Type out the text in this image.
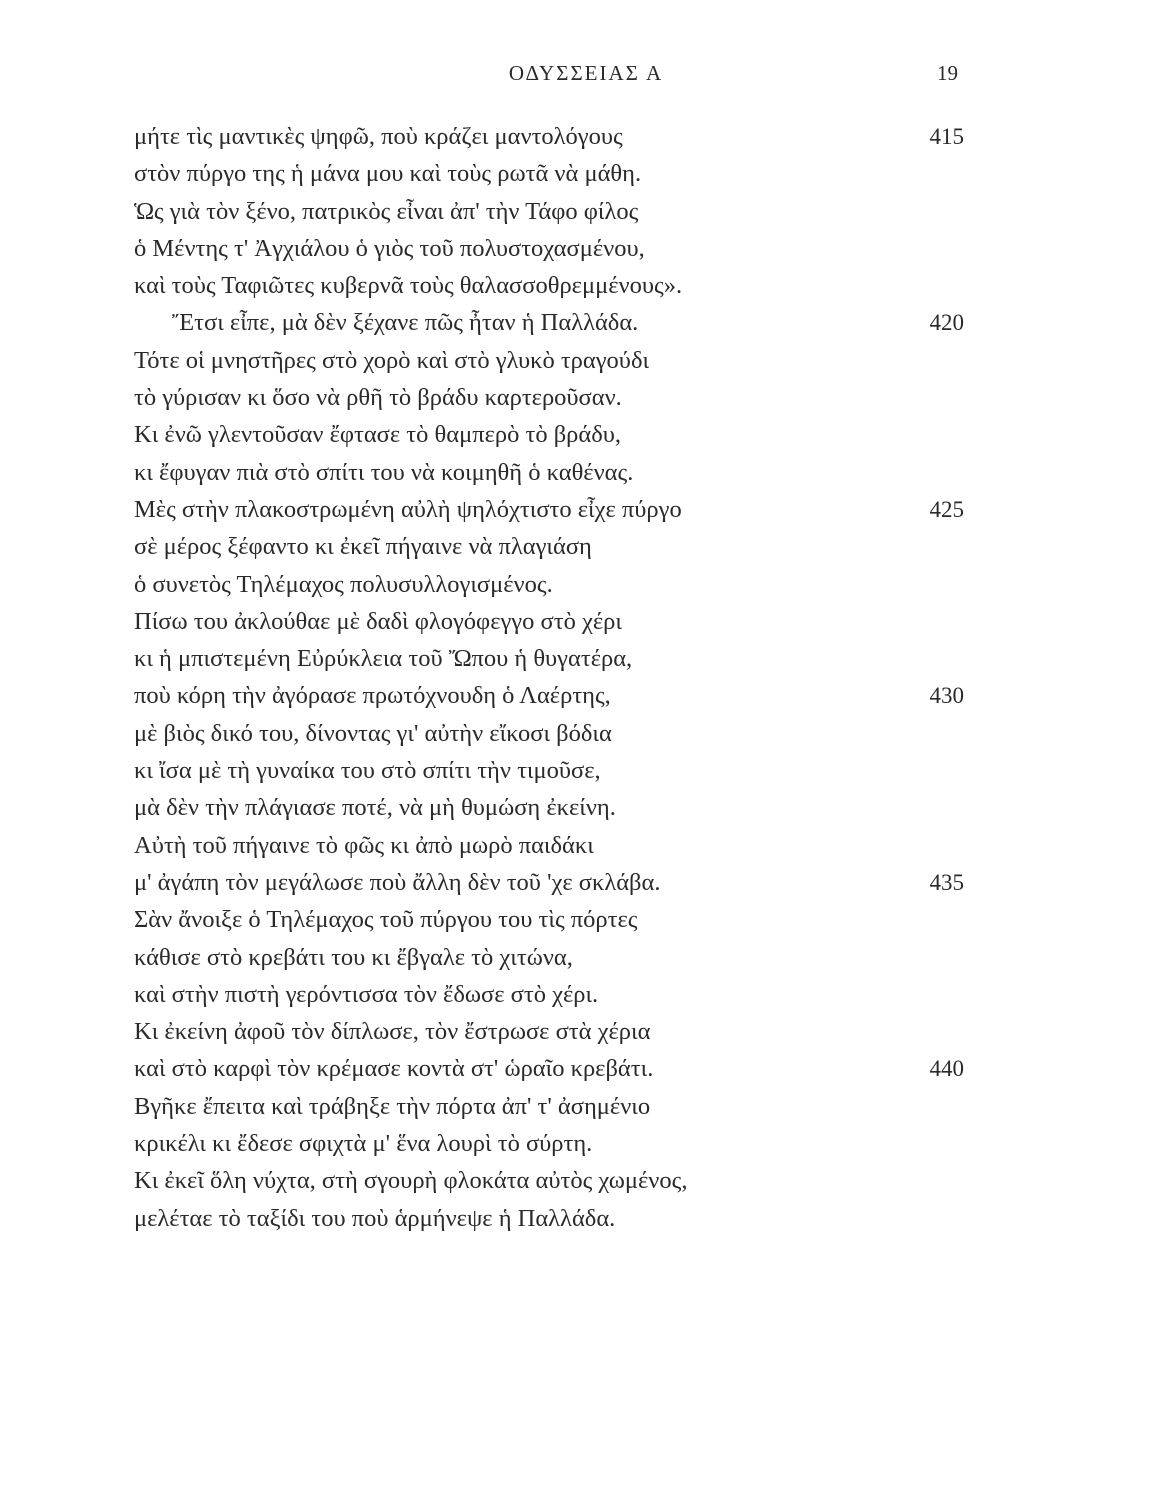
ΟΔΥΣΣΕΙΑΣ Α	19
μήτε τὶς μαντικὲς ψηφῶ, ποὺ κράζει μαντολόγους	415
στὸν πύργο της ἡ μάνα μου καὶ τοὺς ρωτᾶ νὰ μάθη.
Ὡς γιὰ τὸν ξένο, πατρικὸς εἶναι ἀπ' τὴν Τάφο φίλος
ὁ Μέντης τ' Ἀγχιάλου ὁ γιὸς τοῦ πολυστοχασμένου,
καὶ τοὺς Ταφιῶτες κυβερνᾶ τοὺς θαλασσοθρεμμένους».
Ἔτσι εἶπε, μὰ δὲν ξέχανε πῶς ἦταν ἡ Παλλάδα.	420
Τότε οἱ μνηστῆρες στὸ χορὸ καὶ στὸ γλυκὸ τραγούδι
τὸ γύρισαν κι ὅσο νὰ ρθῆ τὸ βράδυ καρτεροῦσαν.
Κι ἐνῶ γλεντοῦσαν ἔφτασε τὸ θαμπερὸ τὸ βράδυ,
κι ἔφυγαν πιὰ στὸ σπίτι του νὰ κοιμηθῆ ὁ καθένας.
Μὲς στὴν πλακοστρωμένη αὐλὴ ψηλόχτιστο εἶχε πύργο	425
σὲ μέρος ξέφαντο κι ἐκεῖ πήγαινε νὰ πλαγιάση
ὁ συνετὸς Τηλέμαχος πολυσυλλογισμένος.
Πίσω του ἀκλούθαε μὲ δαδὶ φλογόφεγγο στὸ χέρι
κι ἡ μπιστεμένη Εὐρύκλεια τοῦ Ὤπου ἡ θυγατέρα,
ποὺ κόρη τὴν ἀγόρασε πρωτόχνουδη ὁ Λαέρτης,	430
μὲ βιὸς δικό του, δίνοντας γι' αὐτὴν εἴκοσι βόδια
κι ἴσα μὲ τὴ γυναίκα του στὸ σπίτι τὴν τιμοῦσε,
μὰ δὲν τὴν πλάγιασε ποτέ, νὰ μὴ θυμώση ἐκείνη.
Αὐτὴ τοῦ πήγαινε τὸ φῶς κι ἀπὸ μωρὸ παιδάκι
μ' ἀγάπη τὸν μεγάλωσε ποὺ ἄλλη δὲν τοῦ 'χε σκλάβα.	435
Σὰν ἄνοιξε ὁ Τηλέμαχος τοῦ πύργου του τὶς πόρτες
κάθισε στὸ κρεβάτι του κι ἔβγαλε τὸ χιτώνα,
καὶ στὴν πιστὴ γερόντισσα τὸν ἔδωσε στὸ χέρι.
Κι ἐκείνη ἀφοῦ τὸν δίπλωσε, τὸν ἔστρωσε στὰ χέρια
καὶ στὸ καρφὶ τὸν κρέμασε κοντὰ στ' ὡραῖο κρεβάτι.	440
Βγῆκε ἔπειτα καὶ τράβηξε τὴν πόρτα ἀπ' τ' ἀσημένιο
κρικέλι κι ἔδεσε σφιχτὰ μ' ἕνα λουρὶ τὸ σύρτη.
Κι ἐκεῖ ὅλη νύχτα, στὴ σγουρὴ φλοκάτα αὐτὸς χωμένος,
μελέταε τὸ ταξίδι του ποὺ ἁρμήνεψε ἡ Παλλάδα.
